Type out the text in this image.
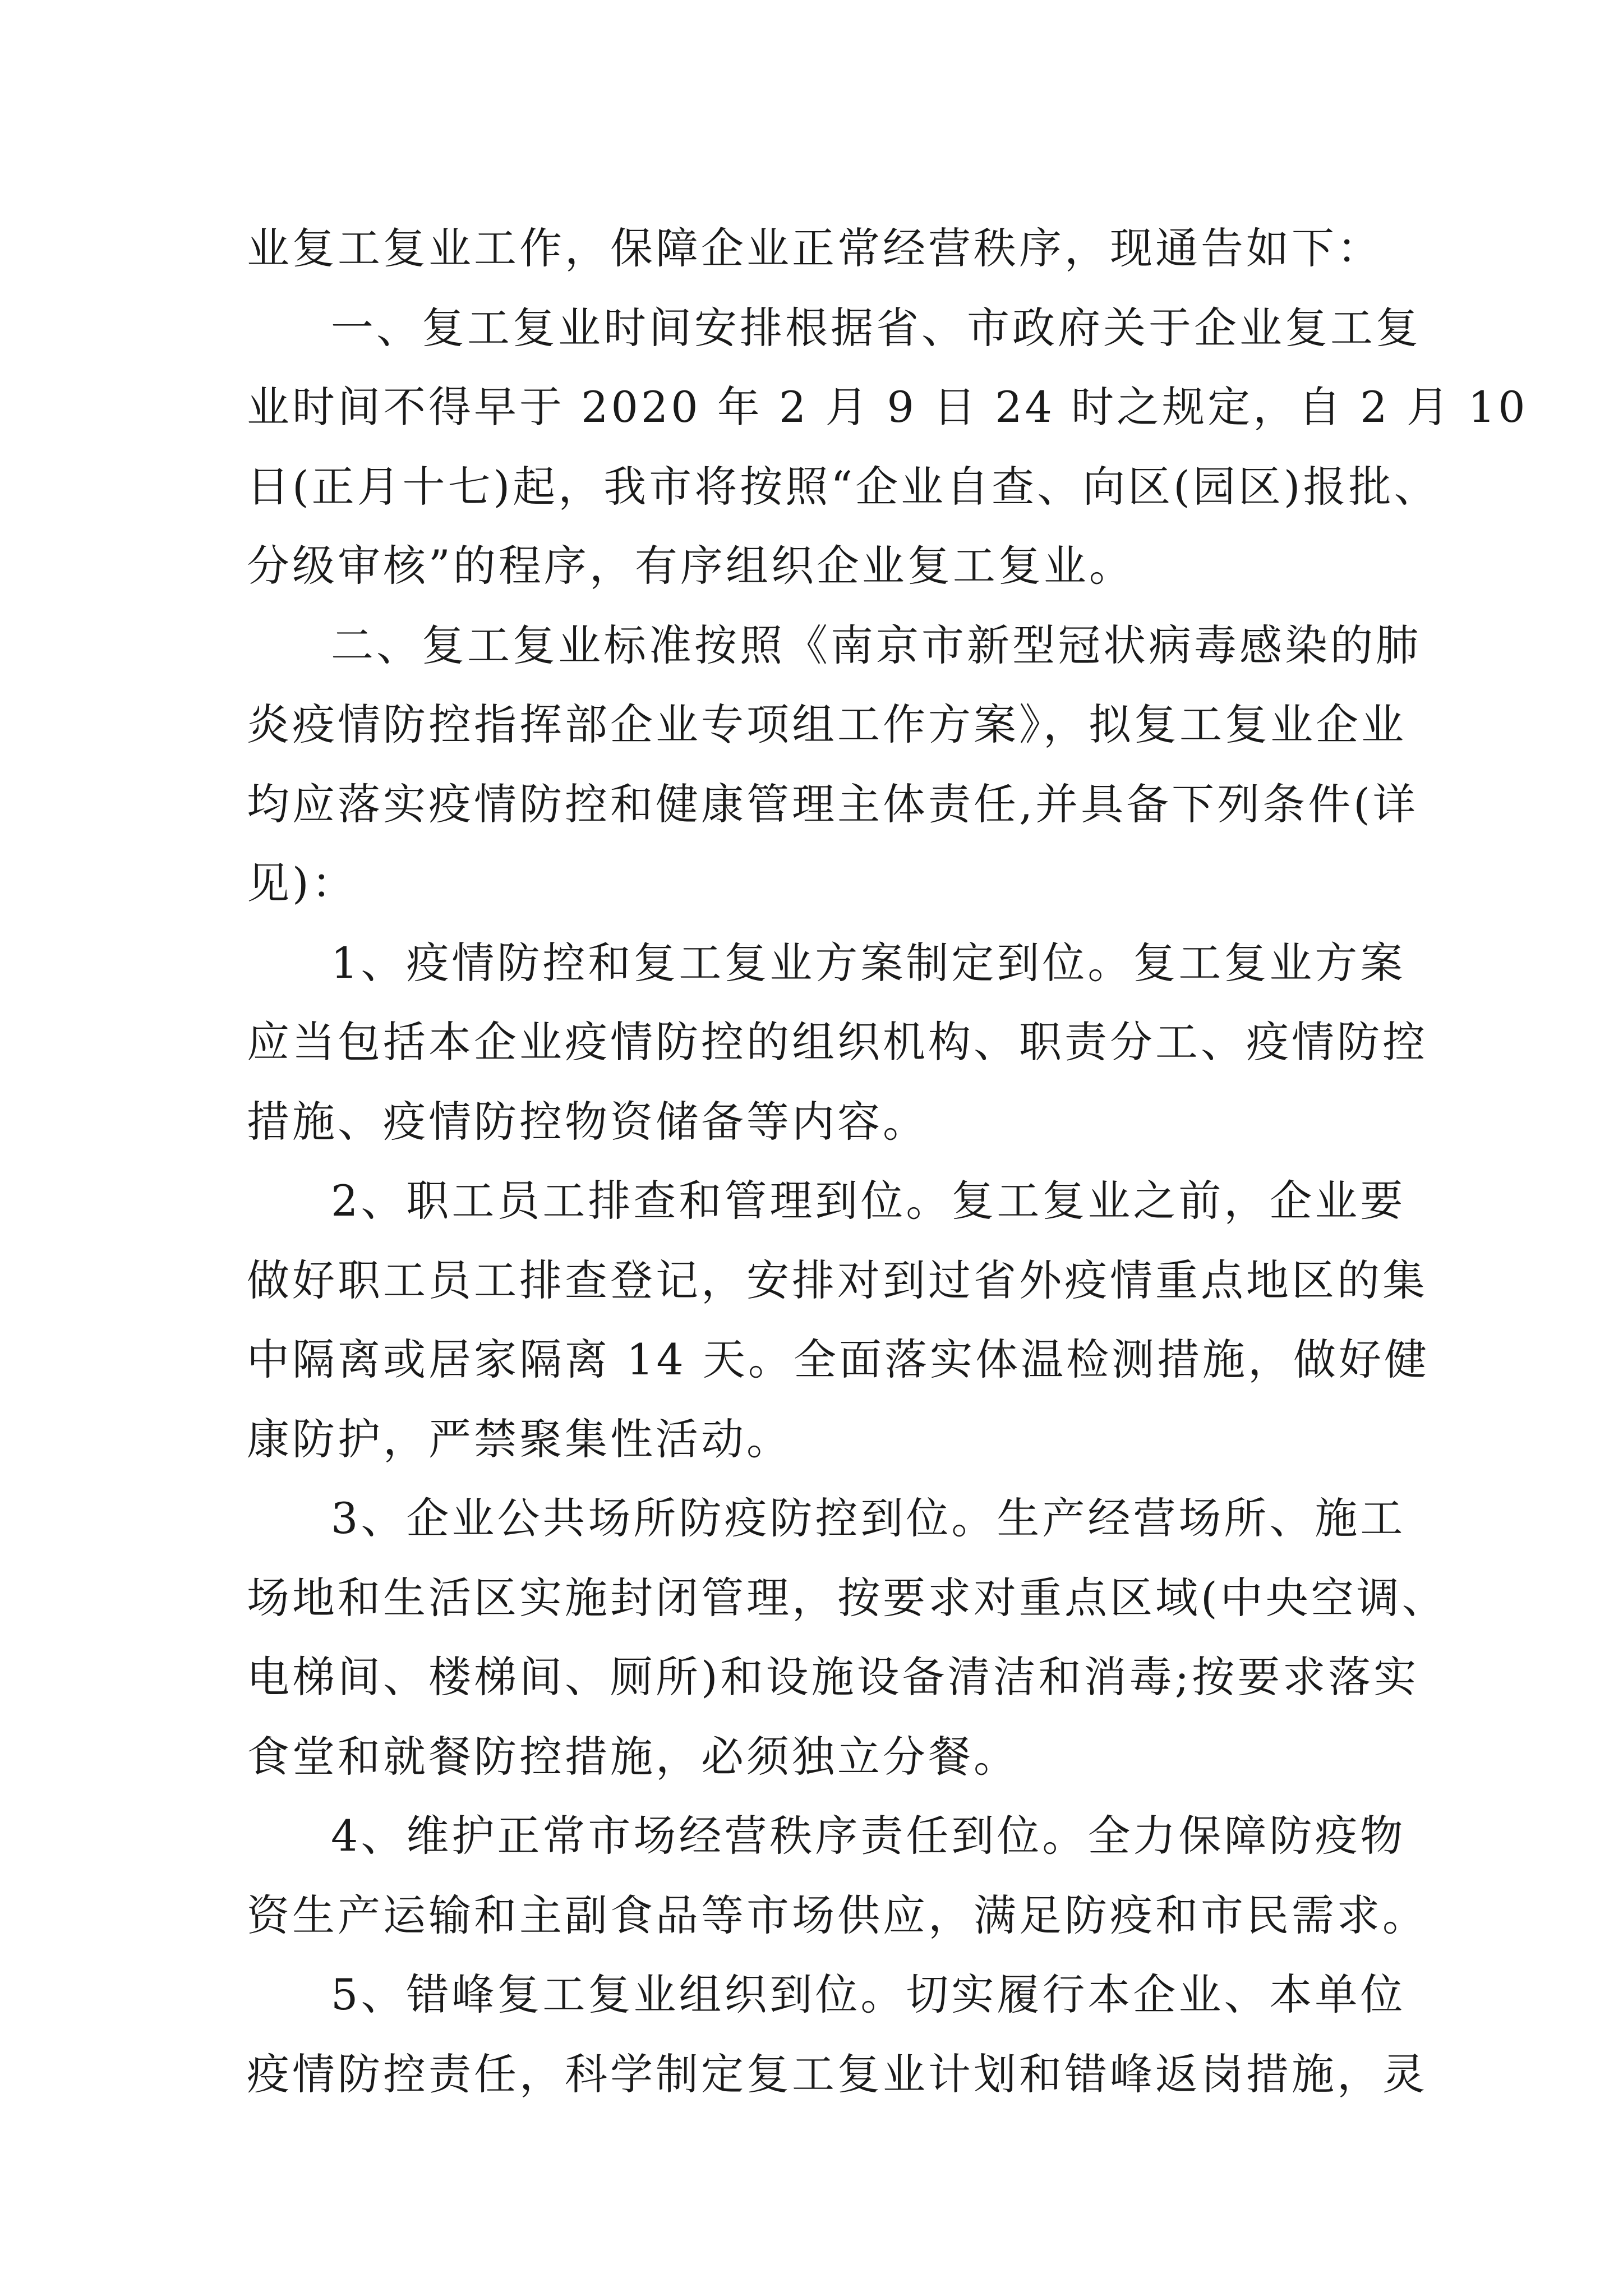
业复工复业工作，保障企业正常经营秩序，现通告如下：
一、复工复业时间安排根据省、市政府关于企业复工复
业时间不得早于 2020 年 2 月 9 日 24 时之规定，自 2 月 10
日(正月十七)起，我市将按照“企业自查、向区(园区)报批、
分级审核”的程序，有序组织企业复工复业。
二、复工复业标准按照《南京市新型冠状病毒感染的肺
炎疫情防控指挥部企业专项组工作方案》，拟复工复业企业
均应落实疫情防控和健康管理主体责任,并具备下列条件(详
见)：
1、疫情防控和复工复业方案制定到位。复工复业方案
应当包括本企业疫情防控的组织机构、职责分工、疫情防控
措施、疫情防控物资储备等内容。
2、职工员工排查和管理到位。复工复业之前，企业要
做好职工员工排查登记，安排对到过省外疫情重点地区的集
中隔离或居家隔离 14 天。全面落实体温检测措施，做好健
康防护，严禁聚集性活动。
3、企业公共场所防疫防控到位。生产经营场所、施工
场地和生活区实施封闭管理，按要求对重点区域(中央空调、
电梯间、楼梯间、厕所)和设施设备清洁和消毒;按要求落实
食堂和就餐防控措施，必须独立分餐。
4、维护正常市场经营秩序责任到位。全力保障防疫物
资生产运输和主副食品等市场供应，满足防疫和市民需求。
5、错峰复工复业组织到位。切实履行本企业、本单位
疫情防控责任，科学制定复工复业计划和错峰返岗措施，灵
